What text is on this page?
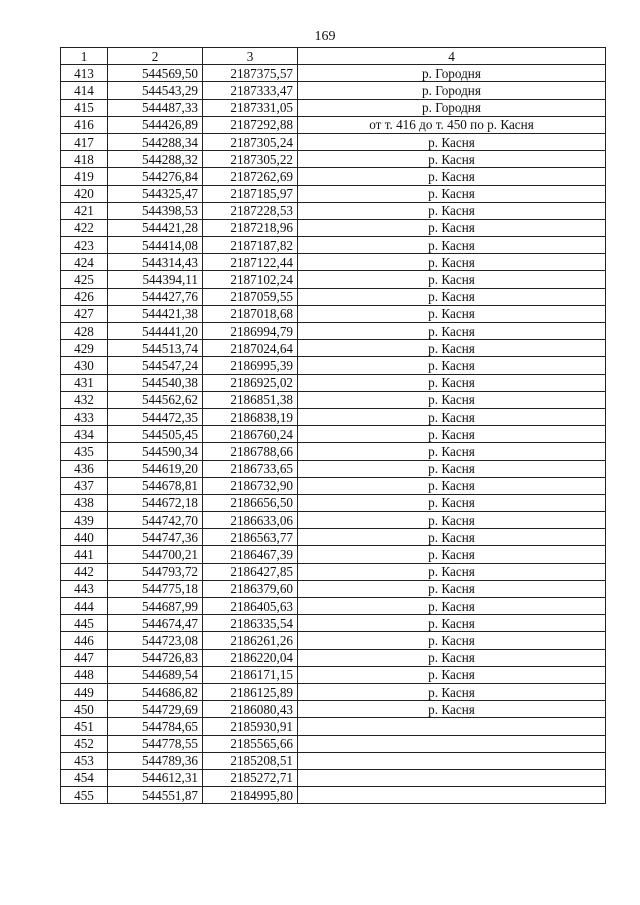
169
1	2	3	4
413	544569,50	2187375,57	р. Городня
414	544543,29	2187333,47	р. Городня
415	544487,33	2187331,05	р. Городня
416	544426,89	2187292,88	от т. 416 до т. 450 по р. Касня
417	544288,34	2187305,24	р. Касня
418	544288,32	2187305,22	р. Касня
419	544276,84	2187262,69	р. Касня
420	544325,47	2187185,97	р. Касня
421	544398,53	2187228,53	р. Касня
422	544421,28	2187218,96	р. Касня
423	544414,08	2187187,82	р. Касня
424	544314,43	2187122,44	р. Касня
425	544394,11	2187102,24	р. Касня
426	544427,76	2187059,55	р. Касня
427	544421,38	2187018,68	р. Касня
428	544441,20	2186994,79	р. Касня
429	544513,74	2187024,64	р. Касня
430	544547,24	2186995,39	р. Касня
431	544540,38	2186925,02	р. Касня
432	544562,62	2186851,38	р. Касня
433	544472,35	2186838,19	р. Касня
434	544505,45	2186760,24	р. Касня
435	544590,34	2186788,66	р. Касня
436	544619,20	2186733,65	р. Касня
437	544678,81	2186732,90	р. Касня
438	544672,18	2186656,50	р. Касня
439	544742,70	2186633,06	р. Касня
440	544747,36	2186563,77	р. Касня
441	544700,21	2186467,39	р. Касня
442	544793,72	2186427,85	р. Касня
443	544775,18	2186379,60	р. Касня
444	544687,99	2186405,63	р. Касня
445	544674,47	2186335,54	р. Касня
446	544723,08	2186261,26	р. Касня
447	544726,83	2186220,04	р. Касня
448	544689,54	2186171,15	р. Касня
449	544686,82	2186125,89	р. Касня
450	544729,69	2186080,43	р. Касня
451	544784,65	2185930,91	
452	544778,55	2185565,66	
453	544789,36	2185208,51	
454	544612,31	2185272,71	
455	544551,87	2184995,80	
